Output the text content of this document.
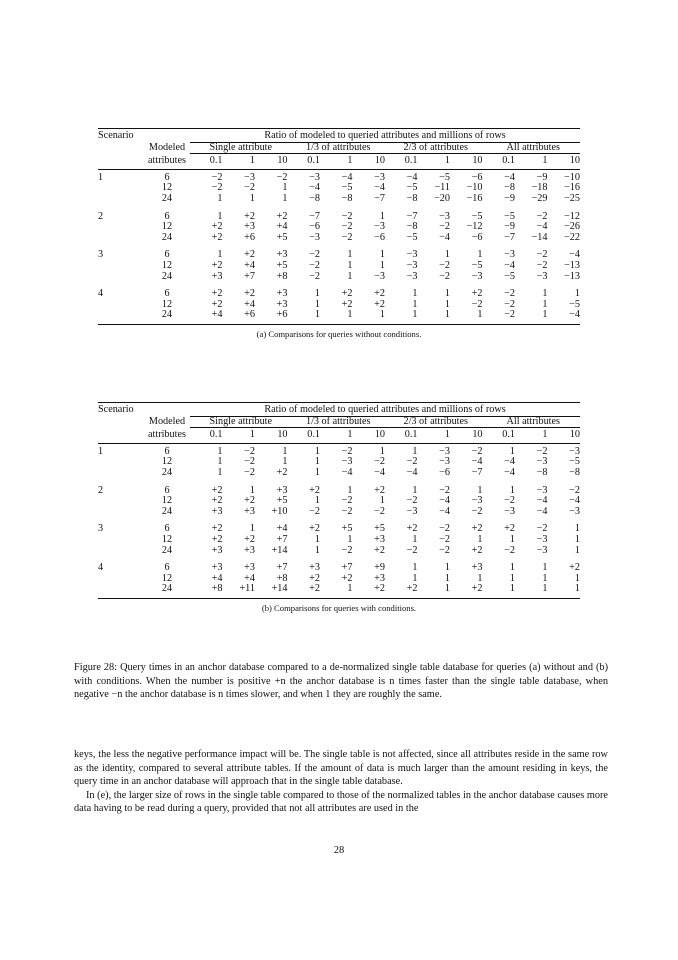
Scenario		Ratio of modeled to queried attributes and millions of rows											
	Modeled	Single attribute			1/3 of attributes			2/3 of attributes			All attributes		
	attributes	0.1	1	10	0.1	1	10	0.1	1	10	0.1	1	10

1	6	−2	−3	−2	−3	−4	−3	−4	−5	−6	−4	−9	−10
	12	−2	−2	1	−4	−5	−4	−5	−11	−10	−8	−18	−16
	24	1	1	1	−8	−8	−7	−8	−20	−16	−9	−29	−25

2	6	1	+2	+2	−7	−2	1	−7	−3	−5	−5	−2	−12
	12	+2	+3	+4	−6	−2	−3	−8	−2	−12	−9	−4	−26
	24	+2	+6	+5	−3	−2	−6	−5	−4	−6	−7	−14	−22

3	6	1	+2	+3	−2	1	1	−3	1	1	−3	−2	−4
	12	+2	+4	+5	−2	1	1	−3	−2	−5	−4	−2	−13
	24	+3	+7	+8	−2	1	−3	−3	−2	−3	−5	−3	−13

4	6	+2	+2	+3	1	+2	+2	1	1	+2	−2	1	1
	12	+2	+4	+3	1	+2	+2	1	1	−2	−2	1	−5
	24	+4	+6	+6	1	1	1	1	1	1	−2	1	−4

(a) Comparisons for queries without conditions.
Scenario		Ratio of modeled to queried attributes and millions of rows											
	Modeled	Single attribute			1/3 of attributes			2/3 of attributes			All attributes		
	attributes	0.1	1	10	0.1	1	10	0.1	1	10	0.1	1	10

1	6	1	−2	1	1	−2	1	1	−3	−2	1	−2	−3
	12	1	−2	1	1	−3	−2	−2	−3	−4	−4	−3	−5
	24	1	−2	+2	1	−4	−4	−4	−6	−7	−4	−8	−8

2	6	+2	1	+3	+2	1	+2	1	−2	1	1	−3	−2
	12	+2	+2	+5	1	−2	1	−2	−4	−3	−2	−4	−4
	24	+3	+3	+10	−2	−2	−2	−3	−4	−2	−3	−4	−3

3	6	+2	1	+4	+2	+5	+5	+2	−2	+2	+2	−2	1
	12	+2	+2	+7	1	1	+3	1	−2	1	1	−3	1
	24	+3	+3	+14	1	−2	+2	−2	−2	+2	−2	−3	1

4	6	+3	+3	+7	+3	+7	+9	1	1	+3	1	1	+2
	12	+4	+4	+8	+2	+2	+3	1	1	1	1	1	1
	24	+8	+11	+14	+2	1	+2	+2	1	+2	1	1	1

(b) Comparisons for queries with conditions.
Figure 28: Query times in an anchor database compared to a de-normalized single table database for queries (a) without and (b) with conditions. When the number is positive +n the anchor database is n times faster than the single table database, when negative −n the anchor database is n times slower, and when 1 they are roughly the same.

keys, the less the negative performance impact will be. The single table is not affected, since all attributes reside in the same row as the identity, compared to several attribute tables. If the amount of data is much larger than the amount residing in keys, the query time in an anchor database will approach that in the single table database.

In (e), the larger size of rows in the single table compared to those of the normalized tables in the anchor database causes more data having to be read during a query, provided that not all attributes are used in the

28
